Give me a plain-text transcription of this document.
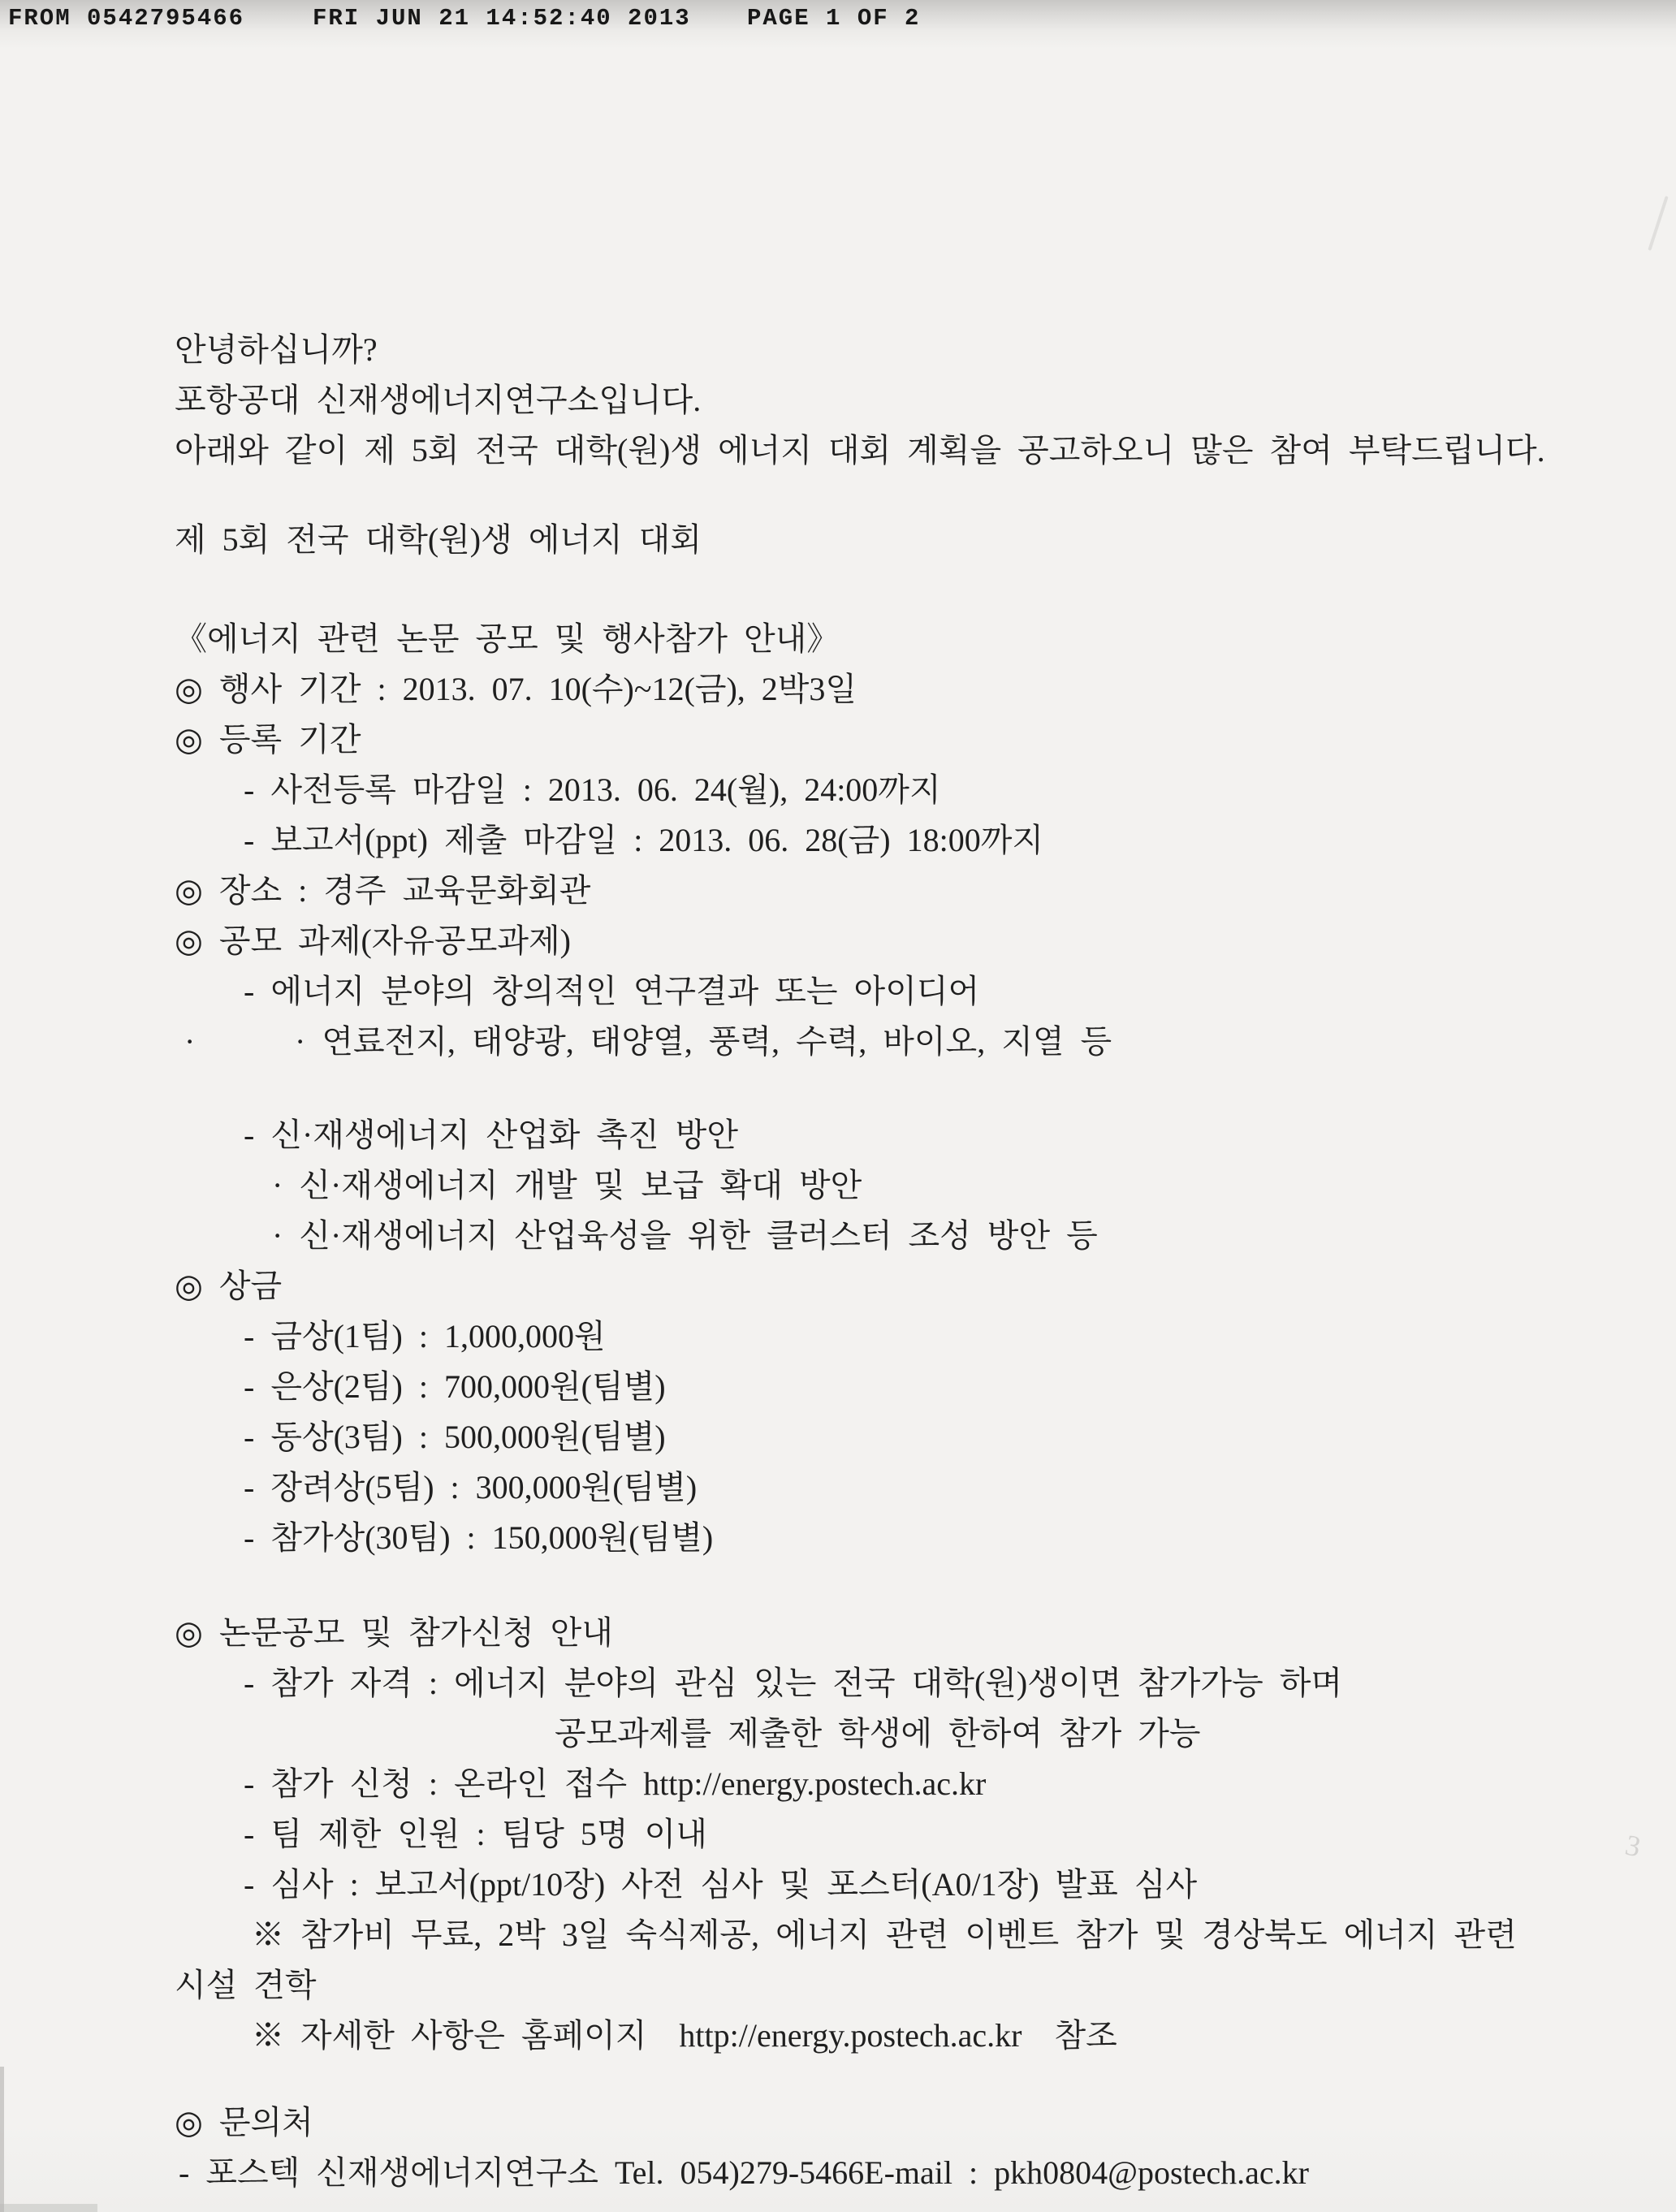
FROM 0542795466

	FRI JUN 21 14:52:40 2013

PAGE 1 OF 2

안녕하십니까?
포항공대 신재생에너지연구소입니다.
아래와 같이 제 5회 전국 대학(원)생 에너지 대회 계획을 공고하오니 많은 참여 부탁드립니다.
제 5회 전국 대학(원)생 에너지 대회
《에너지 관련 논문 공모 및 행사참가 안내》
◎ 행사 기간 : 2013. 07. 10(수)~12(금), 2박3일
◎ 등록 기간
- 사전등록 마감일 : 2013. 06. 24(월), 24:00까지
- 보고서(ppt) 제출 마감일 : 2013. 06. 28(금) 18:00까지
◎ 장소 : 경주 교육문화회관
◎ 공모 과제(자유공모과제)
- 에너지 분야의 창의적인 연구결과 또는 아이디어
· 연료전지, 태양광, 태양열, 풍력, 수력, 바이오, 지열 등
·
- 신·재생에너지 산업화 촉진 방안
· 신·재생에너지 개발 및 보급 확대 방안
· 신·재생에너지 산업육성을 위한 클러스터 조성 방안 등
◎ 상금
- 금상(1팀) : 1,000,000원
- 은상(2팀) : 700,000원(팀별)
- 동상(3팀) : 500,000원(팀별)
- 장려상(5팀) : 300,000원(팀별)
- 참가상(30팀) : 150,000원(팀별)
◎ 논문공모 및 참가신청 안내
- 참가 자격 : 에너지 분야의 관심 있는 전국 대학(원)생이면 참가가능 하며
공모과제를 제출한 학생에 한하여 참가 가능
- 참가 신청 : 온라인 접수 http://energy.postech.ac.kr
- 팀 제한 인원 : 팀당 5명 이내
- 심사 : 보고서(ppt/10장) 사전 심사 및 포스터(A0/1장) 발표 심사
※ 참가비 무료, 2박 3일 숙식제공, 에너지 관련 이벤트 참가 및 경상북도 에너지 관련
시설 견학
※ 자세한 사항은 홈페이지  http://energy.postech.ac.kr  참조
◎ 문의처
- 포스텍 신재생에너지연구소 Tel. 054)279-5466E-mail : pkh0804@postech.ac.kr
3
